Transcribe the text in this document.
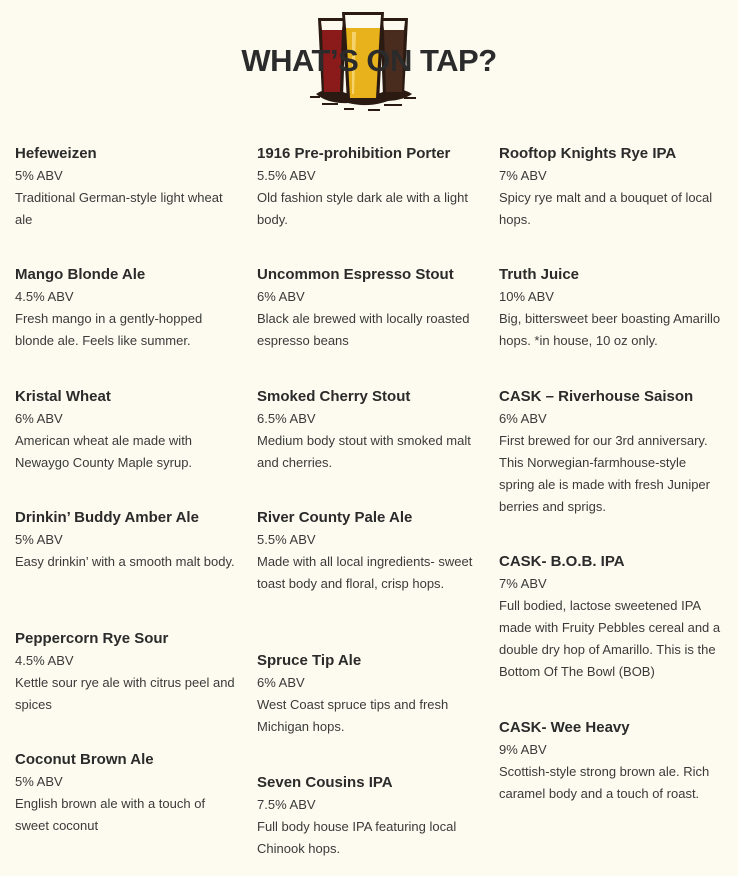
WHAT’S ON TAP?
Hefeweizen
5% ABV
Traditional German-style light wheat ale
Mango Blonde Ale
4.5% ABV
Fresh mango in a gently-hopped blonde ale. Feels like summer.
Kristal Wheat
6% ABV
American wheat ale made with Newaygo County Maple syrup.
Drinkin’ Buddy Amber Ale
5% ABV
Easy drinkin’ with a smooth malt body.
Peppercorn Rye Sour
4.5% ABV
Kettle sour rye ale with citrus peel and spices
Coconut Brown Ale
5% ABV
English brown ale with a touch of sweet coconut
1916 Pre-prohibition Porter
5.5% ABV
Old fashion style dark ale with a light body.
Uncommon Espresso Stout
6% ABV
Black ale brewed with locally roasted espresso beans
Smoked Cherry Stout
6.5% ABV
Medium body stout with smoked malt and cherries.
River County Pale Ale
5.5% ABV
Made with all local ingredients- sweet toast body and floral, crisp hops.
Spruce Tip Ale
6% ABV
West Coast spruce tips and fresh Michigan hops.
Seven Cousins IPA
7.5% ABV
Full body house IPA featuring local Chinook hops.
Rooftop Knights Rye IPA
7% ABV
Spicy rye malt and a bouquet of local hops.
Truth Juice
10% ABV
Big, bittersweet beer boasting Amarillo hops. *in house, 10 oz only.
CASK – Riverhouse Saison
6% ABV
First brewed for our 3rd anniversary. This Norwegian-farmhouse-style spring ale is made with fresh Juniper berries and sprigs.
CASK- B.O.B. IPA
7% ABV
Full bodied, lactose sweetened IPA made with Fruity Pebbles cereal and a double dry hop of Amarillo. This is the Bottom Of The Bowl (BOB)
CASK- Wee Heavy
9% ABV
Scottish-style strong brown ale. Rich caramel body and a touch of roast.
